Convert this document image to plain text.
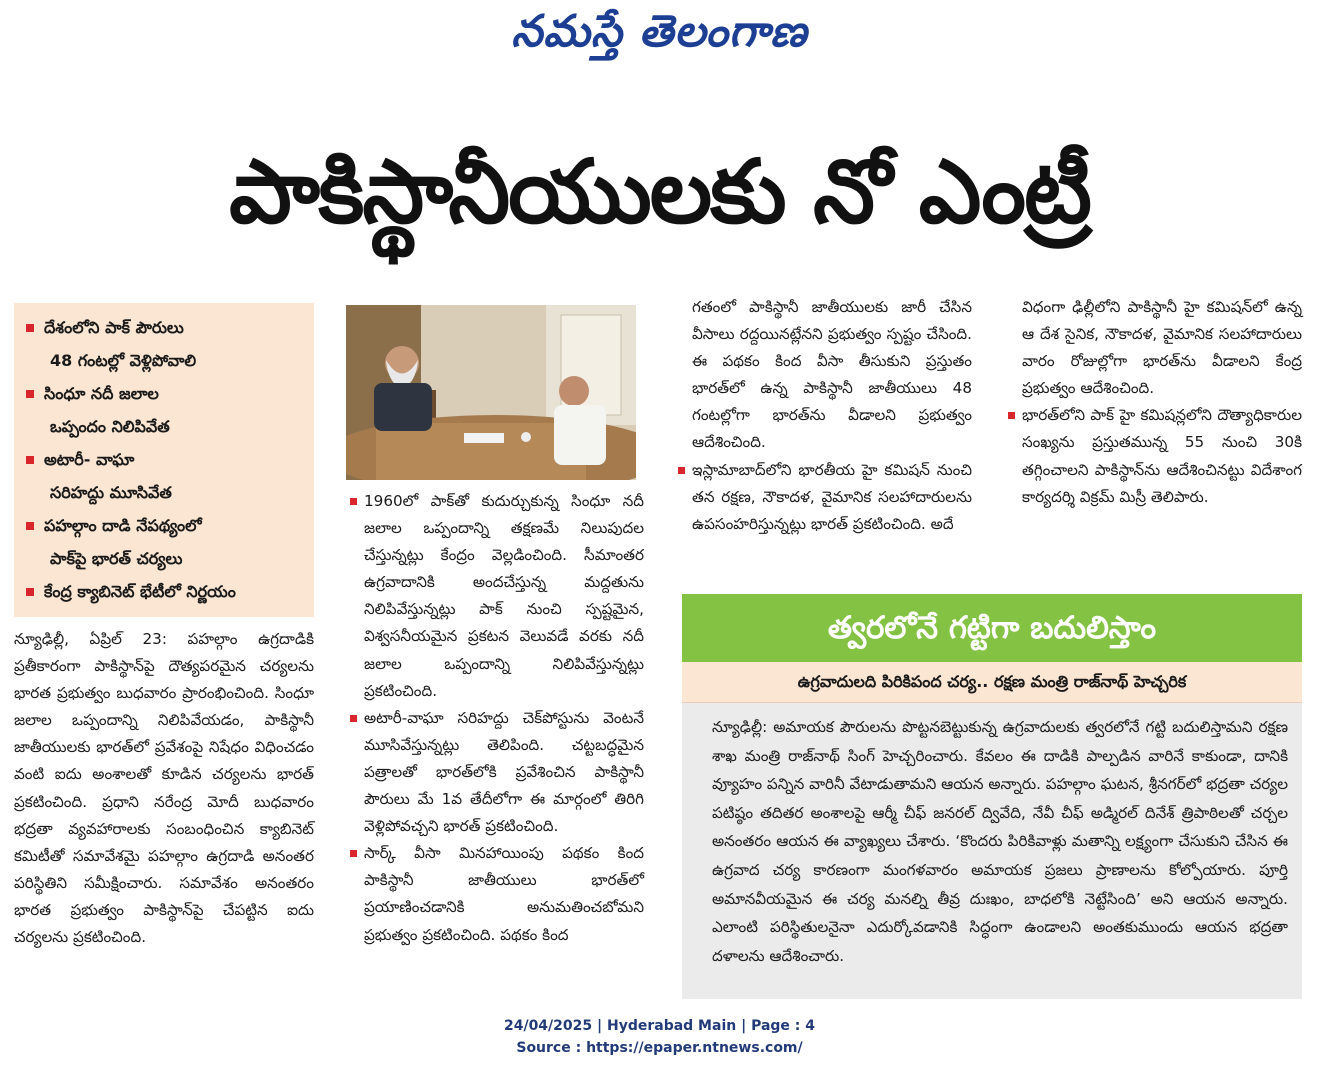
నమస్తే తెలంగాణ
పాకిస్థానీయులకు నో ఎంట్రీ
దేశంలోని పాక్ పౌరులు
48 గంటల్లో వెళ్లిపోవాలి
సింధూ నదీ జలాల
ఒప్పందం నిలిపివేత
అటారీ- వాఘా
సరిహద్దు మూసివేత
పహల్గాం దాడి నేపథ్యంలో
పాక్‌పై భారత్ చర్యలు
కేంద్ర క్యాబినెట్ భేటీలో నిర్ణయం

న్యూఢిల్లీ, ఏప్రిల్ 23: పహల్గాం ఉగ్రదాడికి ప్రతీకారంగా పాకిస్థాన్‌పై దౌత్యపరమైన చర్యలను భారత ప్రభుత్వం బుధవారం ప్రారంభించింది. సింధూ జలాల ఒప్పందాన్ని నిలిపివేయడం, పాకిస్థానీ జాతీయులకు భారత్‌లో ప్రవేశంపై నిషేధం విధించడం వంటి ఐదు అంశాలతో కూడిన చర్యలను భారత్ ప్రకటించింది. ప్రధాని నరేంద్ర మోదీ బుధవారం భద్రతా వ్యవహారాలకు సంబంధించిన క్యాబినెట్ కమిటీతో సమావేశమై పహల్గాం ఉగ్రదాడి అనంతర పరిస్థితిని సమీక్షించారు. సమావేశం అనంతరం భారత ప్రభుత్వం పాకిస్థాన్‌పై చేపట్టిన ఐదు చర్యలను ప్రకటించింది.

1960లో పాక్‌తో కుదుర్చుకున్న సింధూ నదీ జలాల ఒప్పందాన్ని తక్షణమే నిలుపుదల చేస్తున్నట్లు కేంద్రం వెల్లడించింది. సీమాంతర ఉగ్రవాదానికి అందచేస్తున్న మద్దతును నిలిపివేస్తున్నట్లు పాక్ నుంచి స్పష్టమైన, విశ్వసనీయమైన ప్రకటన వెలువడే వరకు నదీ జలాల ఒప్పందాన్ని నిలిపివేస్తున్నట్లు ప్రకటించింది.

అటారీ-వాఘా సరిహద్దు చెక్‌పోస్టును వెంటనే మూసివేస్తున్నట్లు తెలిపింది. చట్టబద్ధమైన పత్రాలతో భారత్‌లోకి ప్రవేశించిన పాకిస్థానీ పౌరులు మే 1వ తేదీలోగా ఈ మార్గంలో తిరిగి వెళ్లిపోవచ్చని భారత్ ప్రకటించింది.

సార్క్ వీసా మినహాయింపు పథకం కింద పాకిస్థానీ జాతీయులు భారత్‌లో ప్రయాణించడానికి అనుమతించబోమని ప్రభుత్వం ప్రకటించింది. పథకం కింద

గతంలో పాకిస్థానీ జాతీయులకు జారీ చేసిన వీసాలు రద్దయినట్లేనని ప్రభుత్వం స్పష్టం చేసింది. ఈ పథకం కింద వీసా తీసుకుని ప్రస్తుతం భారత్‌లో ఉన్న పాకిస్థానీ జాతీయులు 48 గంటల్లోగా భారత్‌ను వీడాలని ప్రభుత్వం ఆదేశించింది.

ఇస్లామాబాద్‌లోని భారతీయ హై కమిషన్ నుంచి తన రక్షణ, నౌకాదళ, వైమానిక సలహాదారులను ఉపసంహరిస్తున్నట్లు భారత్ ప్రకటించింది. అదే

విధంగా ఢిల్లీలోని పాకిస్థానీ హై కమిషన్‌లో ఉన్న ఆ దేశ సైనిక, నౌకాదళ, వైమానిక సలహాదారులు వారం రోజుల్లోగా భారత్‌ను వీడాలని కేంద్ర ప్రభుత్వం ఆదేశించింది.

భారత్‌లోని పాక్ హై కమిషన్లలోని దౌత్యాధికారుల సంఖ్యను ప్రస్తుతమున్న 55 నుంచి 30కి తగ్గించాలని పాకిస్థాన్‌ను ఆదేశించినట్టు విదేశాంగ కార్యదర్శి విక్రమ్ మిస్రీ తెలిపారు.

త్వరలోనే గట్టిగా బదులిస్తాం
ఉగ్రవాదులది పిరికిపంద చర్య.. రక్షణ మంత్రి రాజ్‌నాథ్ హెచ్చరిక
న్యూఢిల్లీ: అమాయక పౌరులను పొట్టనబెట్టుకున్న ఉగ్రవాదులకు త్వరలోనే గట్టి బదులిస్తామని రక్షణ శాఖ మంత్రి రాజ్‌నాథ్ సింగ్ హెచ్చరించారు. కేవలం ఈ దాడికి పాల్పడిన వారినే కాకుండా, దానికి వ్యూహం పన్నిన వారినీ వేటాడుతామని ఆయన అన్నారు. పహల్గాం ఘటన, శ్రీనగర్‌లో భద్రతా చర్యల పటిష్ఠం తదితర అంశాలపై ఆర్మీ చీఫ్ జనరల్ ద్వివేది, నేవీ చీఫ్ అడ్మిరల్ దినేశ్ త్రిపాఠిలతో చర్చల అనంతరం ఆయన ఈ వ్యాఖ్యలు చేశారు. ‘కొందరు పిరికివాళ్లు మతాన్ని లక్ష్యంగా చేసుకుని చేసిన ఈ ఉగ్రవాద చర్య కారణంగా మంగళవారం అమాయక ప్రజలు ప్రాణాలను కోల్పోయారు. పూర్తి అమానవీయమైన ఈ చర్య మనల్ని తీవ్ర దుఃఖం, బాధలోకి నెట్టేసింది’ అని ఆయన అన్నారు. ఎలాంటి పరిస్థితులనైనా ఎదుర్కోవడానికి సిద్ధంగా ఉండాలని అంతకుముందు ఆయన భద్రతా దళాలను ఆదేశించారు.
24/04/2025 | Hyderabad Main | Page : 4
Source : https://epaper.ntnews.com/
